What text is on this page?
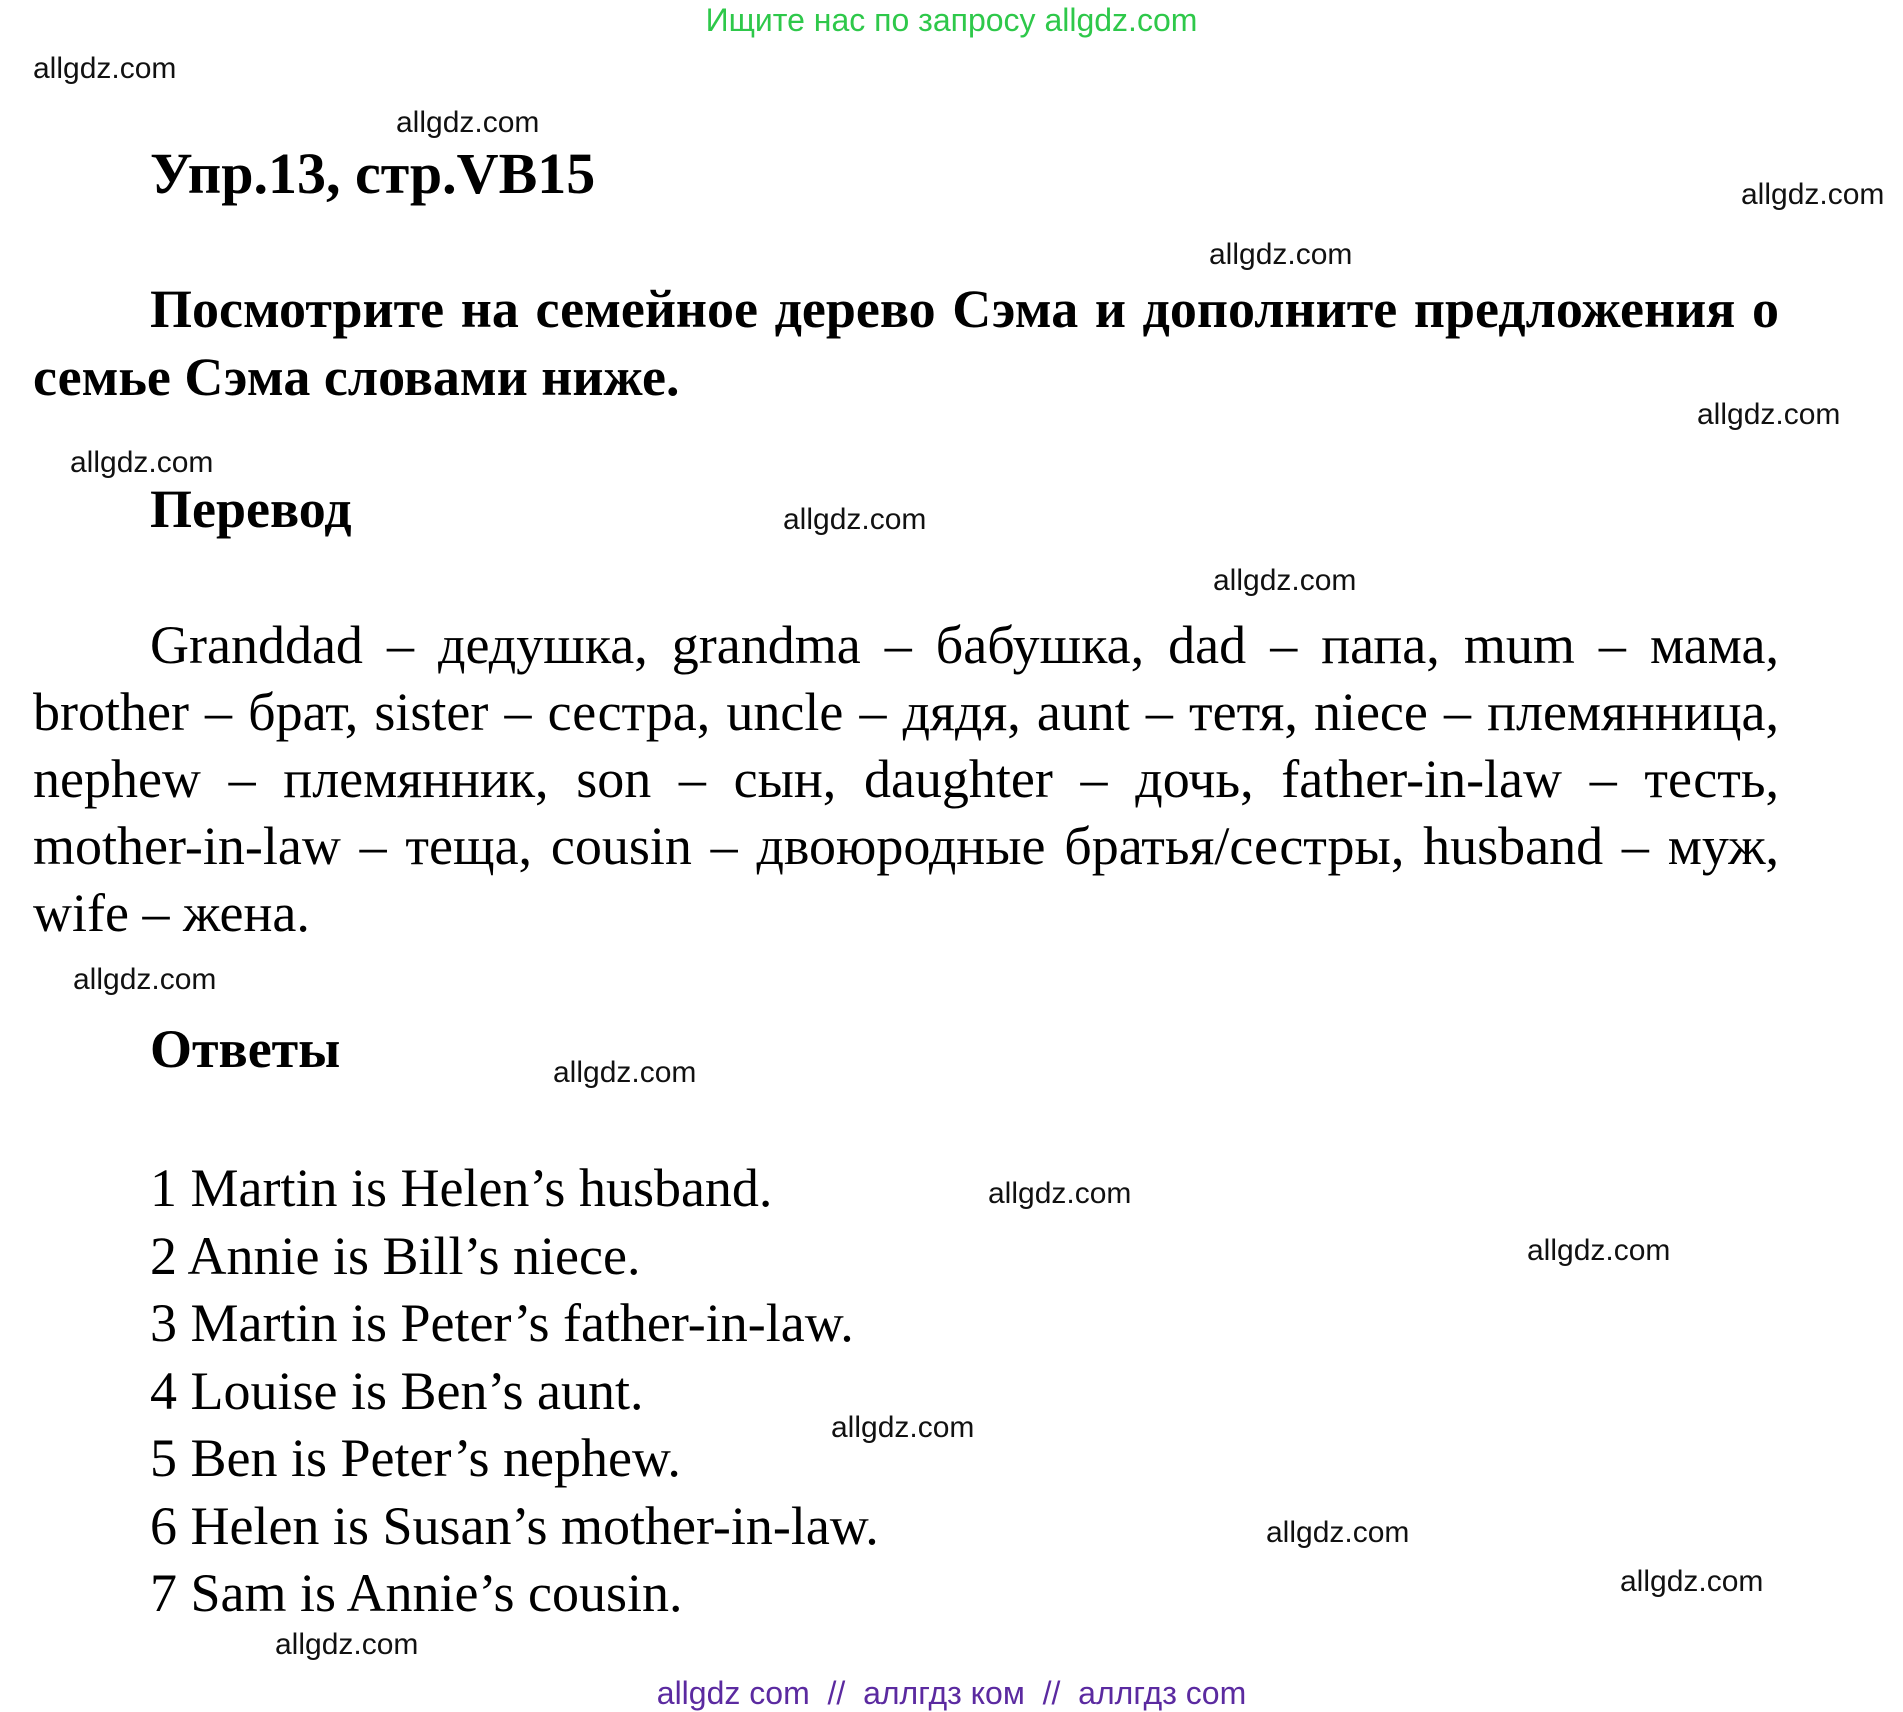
Ищите нас по запросу allgdz.com
allgdz.com
allgdz.com
allgdz.com
allgdz.com
allgdz.com
allgdz.com
allgdz.com
allgdz.com
allgdz.com
allgdz.com
allgdz.com
allgdz.com
allgdz.com
allgdz.com
allgdz.com
allgdz.com
Упр.13, стр.VB15

Посмотрите на семейное дерево Сэма и дополните предложения о семье Сэма словами ниже.

Перевод

Granddad – дедушка, grandma – бабушка, dad – папа, mum – мама, brother – брат, sister – сестра, uncle – дядя, aunt – тетя, niece – племянница, nephew – племянник, son – сын, daughter – дочь, father-in-law – тесть, mother-in-law – теща, cousin – двоюродные братья/сестры, husband – муж, wife – жена.

Ответы
1 Martin is Helen’s husband.
2 Annie is Bill’s niece.
3 Martin is Peter’s father-in-law.
4 Louise is Ben’s aunt.
5 Ben is Peter’s nephew.
6 Helen is Susan’s mother-in-law.
7 Sam is Annie’s cousin.
allgdz com  //  аллгдз ком  //  аллгдз com
